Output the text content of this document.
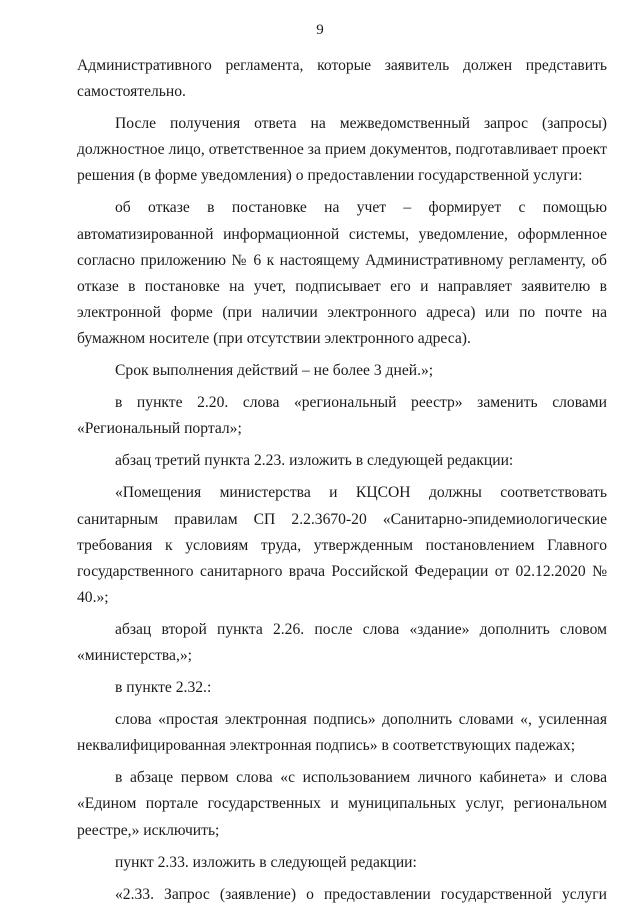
9

Административного регламента, которые заявитель должен представить самостоятельно.

После получения ответа на межведомственный запрос (запросы) должностное лицо, ответственное за прием документов, подготавливает проект решения (в форме уведомления) о предоставлении государственной услуги:

об отказе в постановке на учет – формирует с помощью автоматизированной информационной системы, уведомление, оформленное согласно приложению № 6 к настоящему Административному регламенту, об отказе в постановке на учет, подписывает его и направляет заявителю в электронной форме (при наличии электронного адреса) или по почте на бумажном носителе (при отсутствии электронного адреса).

Срок выполнения действий – не более 3 дней.»;

в пункте 2.20. слова «региональный реестр» заменить словами «Региональный портал»;

абзац третий пункта 2.23. изложить в следующей редакции:

«Помещения министерства и КЦСОН должны соответствовать санитарным правилам СП 2.2.3670-20 «Санитарно-эпидемиологические требования к условиям труда, утвержденным постановлением Главного государственного санитарного врача Российской Федерации от 02.12.2020 № 40.»;

абзац второй пункта 2.26. после слова «здание» дополнить словом «министерства,»;

в пункте 2.32.:

слова «простая электронная подпись» дополнить словами «, усиленная неквалифицированная электронная подпись» в соответствующих падежах;

в абзаце первом слова «с использованием личного кабинета» и слова «Едином портале государственных и муниципальных услуг, региональном реестре,» исключить;

пункт 2.33. изложить в следующей редакции:

«2.33. Запрос (заявление) о предоставлении государственной услуги
